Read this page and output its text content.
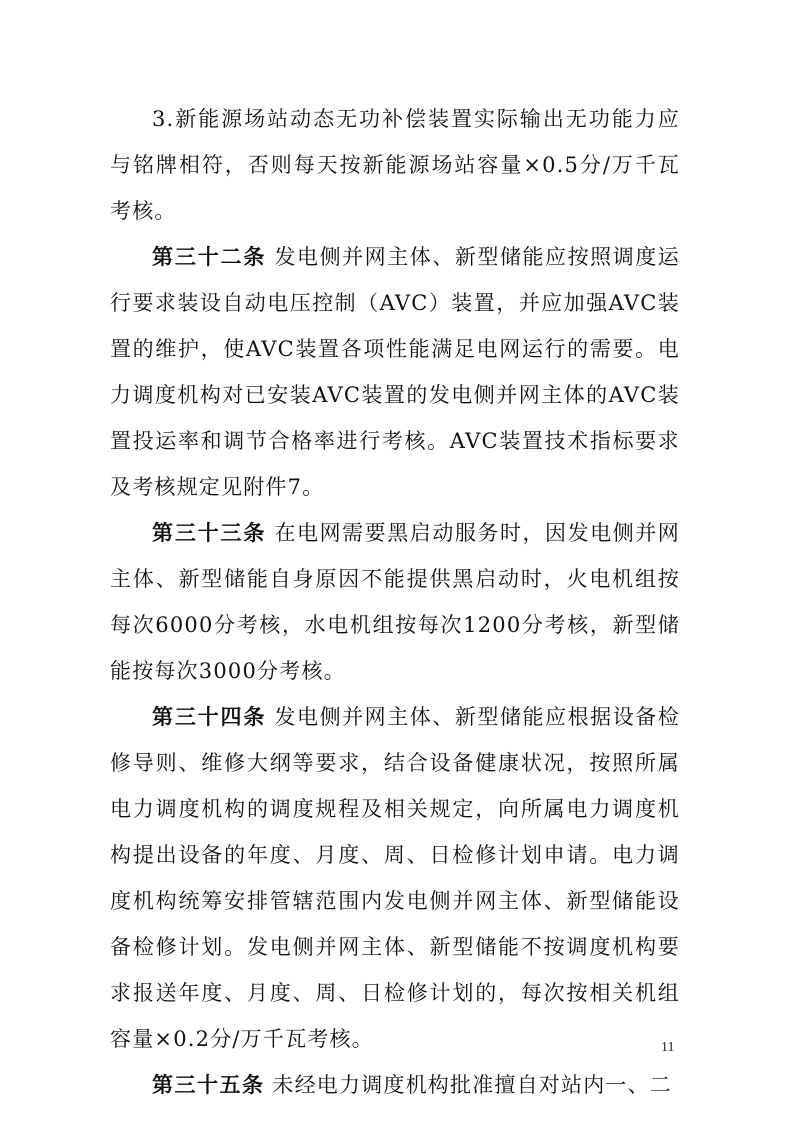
3.新能源场站动态无功补偿装置实际输出无功能力应与铭牌相符，否则每天按新能源场站容量×0.5分/万千瓦考核。

第三十二条 发电侧并网主体、新型储能应按照调度运行要求装设自动电压控制（AVC）装置，并应加强AVC装置的维护，使AVC装置各项性能满足电网运行的需要。电力调度机构对已安装AVC装置的发电侧并网主体的AVC装置投运率和调节合格率进行考核。AVC装置技术指标要求及考核规定见附件7。

第三十三条 在电网需要黑启动服务时，因发电侧并网主体、新型储能自身原因不能提供黑启动时，火电机组按每次6000分考核，水电机组按每次1200分考核，新型储能按每次3000分考核。

第三十四条 发电侧并网主体、新型储能应根据设备检修导则、维修大纲等要求，结合设备健康状况，按照所属电力调度机构的调度规程及相关规定，向所属电力调度机构提出设备的年度、月度、周、日检修计划申请。电力调度机构统筹安排管辖范围内发电侧并网主体、新型储能设备检修计划。发电侧并网主体、新型储能不按调度机构要求报送年度、月度、周、日检修计划的，每次按相关机组容量×0.2分/万千瓦考核。

第三十五条 未经电力调度机构批准擅自对站内一、二

11
